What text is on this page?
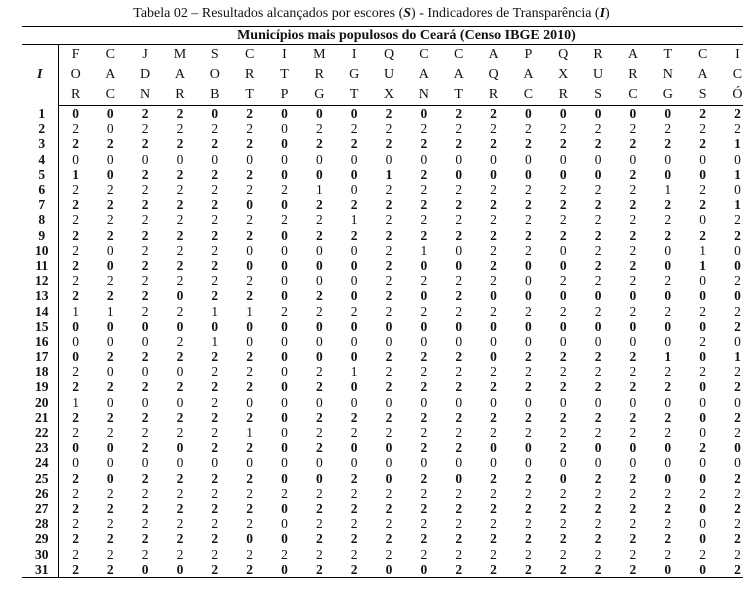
Tabela 02 – Resultados alcançados por escores (S) - Indicadores de Transparência (I)
	Municípios mais populosos do Ceará (Censo IBGE 2010)																			
I	F	C	J	M	S	C	I	M	I	Q	C	C	A	P	Q	R	A	T	C	I
	O	A	D	A	O	R	T	R	G	U	A	A	Q	A	X	U	R	N	A	C
	R	C	N	R	B	T	P	G	T	X	N	T	R	C	R	S	C	G	S	Ó
1	0	0	2	2	0	2	0	0	0	2	0	2	2	0	0	0	0	0	2	2
2	2	0	2	2	2	2	0	2	2	2	2	2	2	2	2	2	2	2	2	2
3	2	2	2	2	2	2	0	2	2	2	2	2	2	2	2	2	2	2	2	1
4	0	0	0	0	0	0	0	0	0	0	0	0	0	0	0	0	0	0	0	0
5	1	0	2	2	2	2	0	0	0	1	2	0	0	0	0	0	2	0	0	1
6	2	2	2	2	2	2	2	1	0	2	2	2	2	2	2	2	2	1	2	0
7	2	2	2	2	2	0	0	2	2	2	2	2	2	2	2	2	2	2	2	1
8	2	2	2	2	2	2	2	2	1	2	2	2	2	2	2	2	2	2	0	2
9	2	2	2	2	2	2	0	2	2	2	2	2	2	2	2	2	2	2	2	2
10	2	0	2	2	2	0	0	0	0	2	1	0	2	2	0	2	2	0	1	0
11	2	0	2	2	2	0	0	0	0	2	0	0	2	0	0	2	2	0	1	0
12	2	2	2	2	2	2	0	0	0	2	2	2	2	0	2	2	2	2	0	2
13	2	2	2	0	2	2	0	2	0	2	0	2	0	0	0	0	0	0	0	0
14	1	1	2	2	1	1	2	2	2	2	2	2	2	2	2	2	2	2	2	2
15	0	0	0	0	0	0	0	0	0	0	0	0	0	0	0	0	0	0	0	2
16	0	0	0	2	1	0	0	0	0	0	0	0	0	0	0	0	0	0	2	0
17	0	2	2	2	2	2	0	0	0	2	2	2	0	2	2	2	2	1	0	1
18	2	0	0	0	2	2	0	2	1	2	2	2	2	2	2	2	2	2	2	2
19	2	2	2	2	2	2	0	2	0	2	2	2	2	2	2	2	2	2	0	2
20	1	0	0	0	2	0	0	0	0	0	0	0	0	0	0	0	0	0	0	0
21	2	2	2	2	2	2	0	2	2	2	2	2	2	2	2	2	2	2	0	2
22	2	2	2	2	2	1	0	2	2	2	2	2	2	2	2	2	2	2	0	2
23	0	0	2	0	2	2	0	2	0	0	2	2	0	0	2	0	0	0	2	0
24	0	0	0	0	0	0	0	0	0	0	0	0	0	0	0	0	0	0	0	0
25	2	0	2	2	2	2	0	0	2	0	2	0	2	2	0	2	2	0	0	2
26	2	2	2	2	2	2	2	2	2	2	2	2	2	2	2	2	2	2	2	2
27	2	2	2	2	2	2	0	2	2	2	2	2	2	2	2	2	2	2	0	2
28	2	2	2	2	2	2	0	2	2	2	2	2	2	2	2	2	2	2	0	2
29	2	2	2	2	2	0	0	2	2	2	2	2	2	2	2	2	2	2	0	2
30	2	2	2	2	2	2	2	2	2	2	2	2	2	2	2	2	2	2	2	2
31	2	2	0	0	2	2	0	2	2	0	0	2	2	2	2	2	2	0	0	2
